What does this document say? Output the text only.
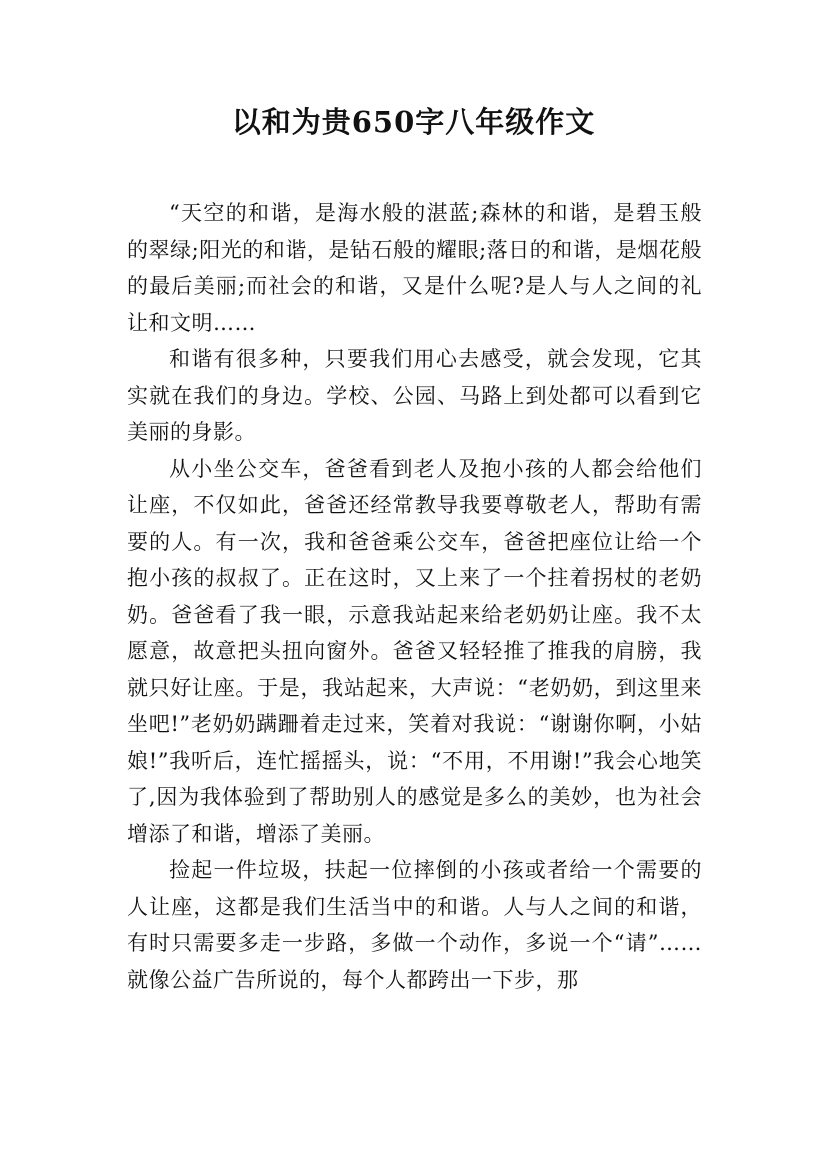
以和为贵650字八年级作文

“天空的和谐，是海水般的湛蓝;森林的和谐，是碧玉般的翠绿;阳光的和谐，是钻石般的耀眼;落日的和谐，是烟花般的最后美丽;而社会的和谐，又是什么呢?是人与人之间的礼让和文明……

和谐有很多种，只要我们用心去感受，就会发现，它其实就在我们的身边。学校、公园、马路上到处都可以看到它美丽的身影。

从小坐公交车，爸爸看到老人及抱小孩的人都会给他们让座，不仅如此，爸爸还经常教导我要尊敬老人，帮助有需要的人。有一次，我和爸爸乘公交车，爸爸把座位让给一个抱小孩的叔叔了。正在这时，又上来了一个拄着拐杖的老奶奶。爸爸看了我一眼，示意我站起来给老奶奶让座。我不太愿意，故意把头扭向窗外。爸爸又轻轻推了推我的肩膀，我就只好让座。于是，我站起来，大声说：“老奶奶，到这里来坐吧!”老奶奶蹒跚着走过来，笑着对我说：“谢谢你啊，小姑娘!”我听后，连忙摇摇头，说：“不用，不用谢!”我会心地笑了,因为我体验到了帮助别人的感觉是多么的美妙，也为社会增添了和谐，增添了美丽。

捡起一件垃圾，扶起一位摔倒的小孩或者给一个需要的人让座，这都是我们生活当中的和谐。人与人之间的和谐，有时只需要多走一步路，多做一个动作，多说一个“请”……就像公益广告所说的，每个人都跨出一下步，那
